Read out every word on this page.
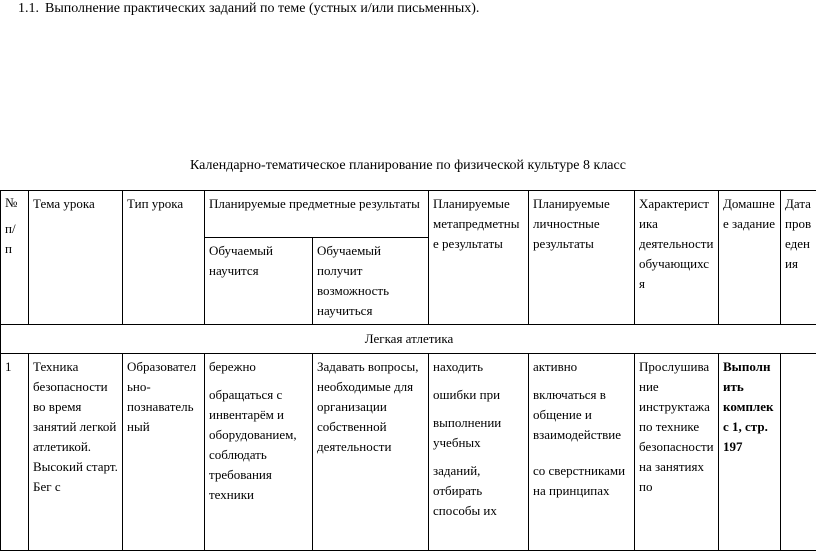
1.1. Выполнение практических заданий по теме (устных и/или письменных).
Календарно-тематическое планирование по физической культуре 8 класс
№
п/
п	Тема урока	Тип урока	Планируемые предметные результаты		Планируемые метапредметные результаты	Планируемые личностные результаты	Характеристика деятельности обучающихся	Домашнее задание	Дата проведения
			Обучаемый научится	Обучаемый получит возможность научиться					
Легкая атлетика									
1	Техника безопасности во время занятий легкой атлетикой. Высокий старт. Бег с	Образовательно-познавательный	бережно
обращаться с инвентарём и оборудованием, соблюдать требования техники	Задавать вопросы, необходимые для организации собственной деятельности	находить
ошибки при
выполнении учебных
заданий, отбирать способы их	активно
включаться в общение и взаимодействие
со сверстниками на принципах	Прослушивание инструктажа по технике безопасности на занятиях по	Выполнить комплекс 1, стр. 197	
